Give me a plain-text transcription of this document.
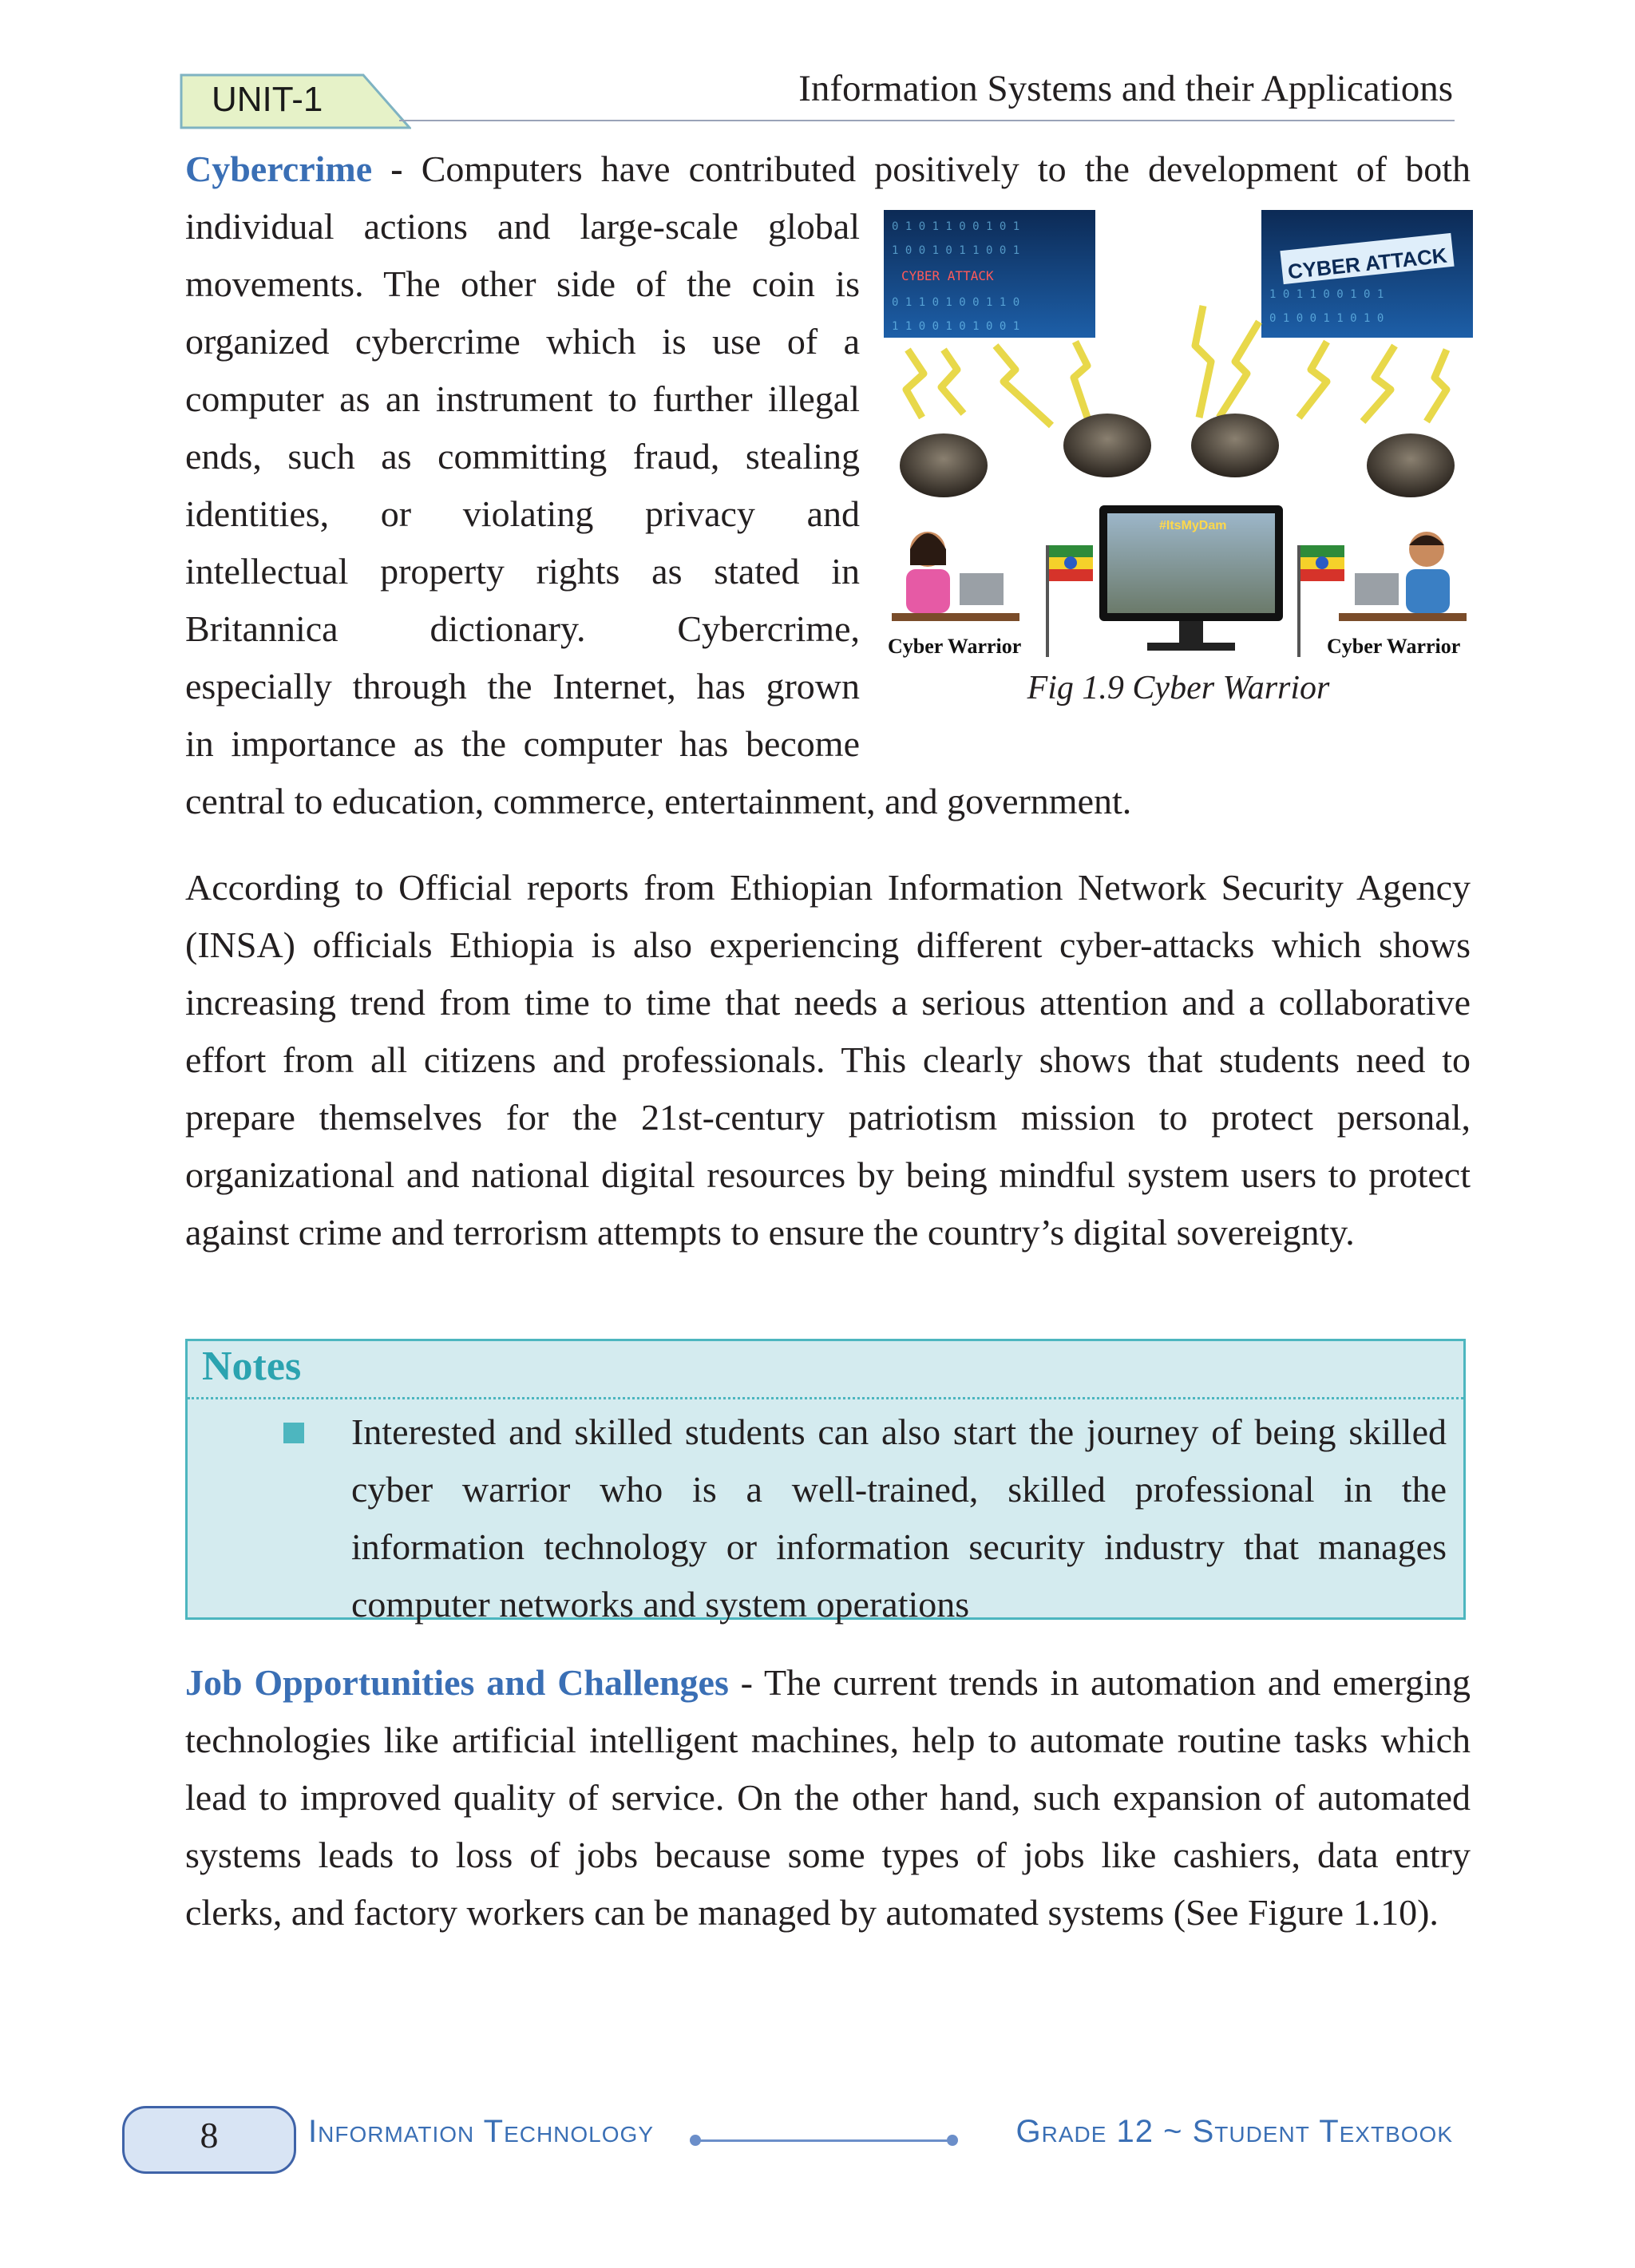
UNIT-1	Information Systems and their Applications
Cybercrime - Computers have contributed positively to the development of both
individual actions and large-scale global
movements. The other side of the coin is
organized cybercrime which is use of a
computer as an instrument to further illegal
ends, such as committing fraud, stealing
identities, or violating privacy and
intellectual property rights as stated in
Britannica dictionary. Cybercrime,
especially through the Internet, has grown
in importance as the computer has become
central to education, commerce, entertainment, and government.
0 1 0 1 1 0 0 1 0 1
1 0 0 1 0 1 1 0 0 1
0 1 1 0 1 0 0 1 1 0
1 1 0 0 1 0 1 0 0 1
CYBER ATTACK
1 0 1 1 0 0 1 0 1
0 1 0 0 1 1 0 1 0
CYBER ATTACK
#ItsMyDam
Cyber Warrior	Cyber Warrior
Fig 1.9 Cyber Warrior
According to Official reports from Ethiopian Information Network Security Agency (INSA) officials Ethiopia is also experiencing different cyber-attacks which shows increasing trend from time to time that needs a serious attention and a collaborative effort from all citizens and professionals. This clearly shows that students need to prepare themselves for the 21st-century patriotism mission to protect personal, organizational and national digital resources by being mindful system users to protect against crime and terrorism attempts to ensure the country’s digital sovereignty.
Notes
Interested and skilled students can also start the journey of being skilled cyber warrior who is a well-trained, skilled professional in the information technology or information security industry that manages computer networks and system operations
Job Opportunities and Challenges - The current trends in automation and emerging technologies like artificial intelligent machines, help to automate routine tasks which lead to improved quality of service. On the other hand, such expansion of automated systems leads to loss of jobs because some types of jobs like cashiers, data entry clerks, and factory workers can be managed by automated systems (See Figure 1.10).
8	Information Technology	Grade 12 ~ Student Textbook
